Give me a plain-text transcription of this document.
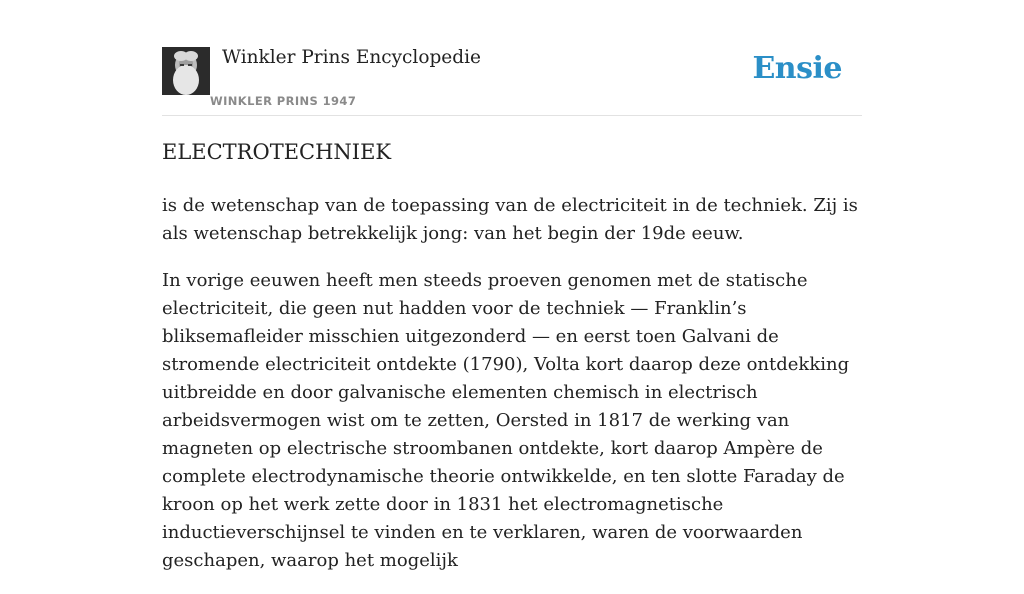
Winkler Prins Encyclopedie
WINKLER PRINS 1947
Ensie
ELECTROTECHNIEK

is de wetenschap van de toepassing van de electriciteit in de techniek. Zij is als wetenschap betrekkelijk jong: van het begin der 19de eeuw.

In vorige eeuwen heeft men steeds proeven genomen met de statische electriciteit, die geen nut hadden voor de techniek — Franklin’s bliksemafleider misschien uitgezonderd — en eerst toen Galvani de stromende electriciteit ontdekte (1790), Volta kort daarop deze ontdekking uitbreidde en door galvanische elementen chemisch in electrisch arbeidsvermogen wist om te zetten, Oersted in 1817 de werking van magneten op electrische stroombanen ontdekte, kort daarop Ampère de complete electrodynamische theorie ontwikkelde, en ten slotte Faraday de kroon op het werk zette door in 1831 het electromagnetische inductieverschijnsel te vinden en te verklaren, waren de voorwaarden geschapen, waarop het mogelijk
